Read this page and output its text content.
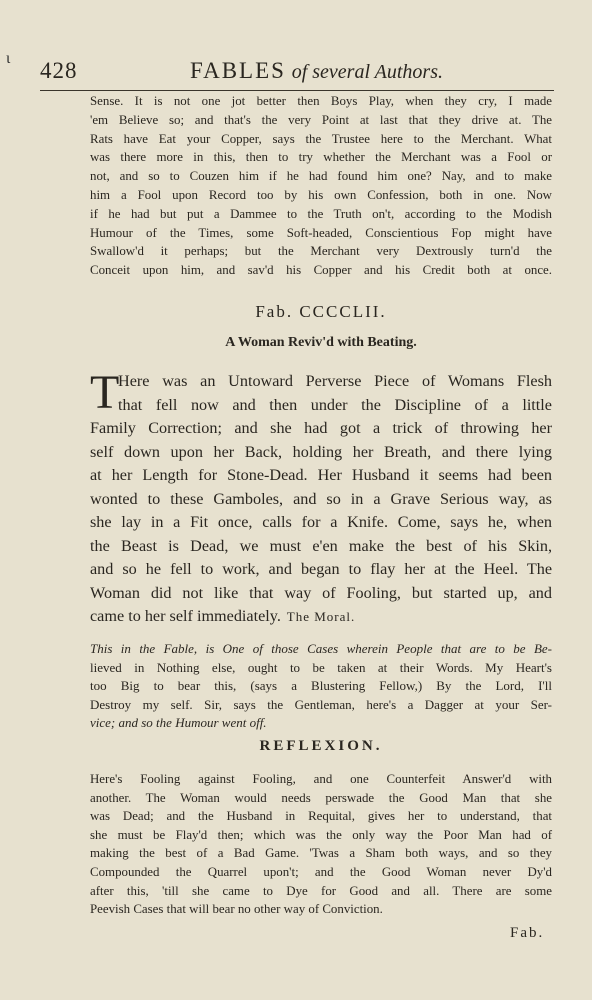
ɩ 428	FABLES of several Authors.
Sense. It is not one jot better then Boys Play, when they cry, I made
'em Believe so; and that's the very Point at last that they drive at. The
Rats have Eat your Copper, says the Trustee here to the Merchant. What
was there more in this, then to try whether the Merchant was a Fool or
not, and so to Couzen him if he had found him one? Nay, and to make
him a Fool upon Record too by his own Confession, both in one. Now
if he had but put a Dammee to the Truth on't, according to the Modish
Humour of the Times, some Soft-headed, Conscientious Fop might have
Swallow'd it perhaps; but the Merchant very Dextrously turn'd the
Conceit upon him, and sav'd his Copper and his Credit both at once.
Fab. CCCCLII.
A Woman Reviv'd with Beating.
T
Here was an Untoward Perverse Piece of Womans Flesh
that fell now and then under the Discipline of a little
Family Correction; and she had got a trick of throwing her
self down upon her Back, holding her Breath, and there lying
at her Length for Stone-Dead. Her Husband it seems had been
wonted to these Gamboles, and so in a Grave Serious way, as
she lay in a Fit once, calls for a Knife. Come, says he, when
the Beast is Dead, we must e'en make the best of his Skin,
and so he fell to work, and began to flay her at the Heel. The
Woman did not like that way of Fooling, but started up, and
came to her self immediately. The Moral.
This in the Fable, is One of those Cases wherein People that are to be Be-
lieved in Nothing else, ought to be taken at their Words. My Heart's
too Big to bear this, (says a Blustering Fellow,) By the Lord, I'll
Destroy my self. Sir, says the Gentleman, here's a Dagger at your Ser-
vice; and so the Humour went off.
REFLEXION.
Here's Fooling against Fooling, and one Counterfeit Answer'd with
another. The Woman would needs perswade the Good Man that she
was Dead; and the Husband in Requital, gives her to understand, that
she must be Flay'd then; which was the only way the Poor Man had of
making the best of a Bad Game. 'Twas a Sham both ways, and so they
Compounded the Quarrel upon't; and the Good Woman never Dy'd
after this, 'till she came to Dye for Good and all. There are some
Peevish Cases that will bear no other way of Conviction.
Fab.
